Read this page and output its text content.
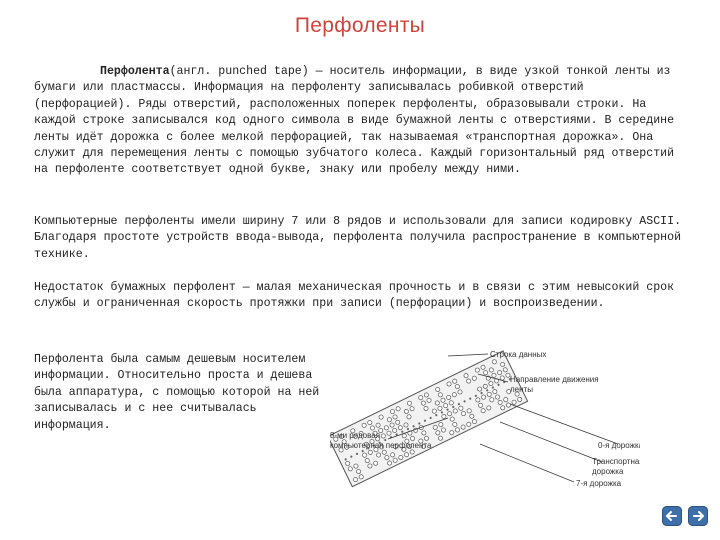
Перфоленты

Перфолента(англ. punched tape) — носитель информации, в виде узкой тонкой ленты из бумаги или пластмассы. Информация на перфоленту записывалась робивкой отверстий (перфорацией). Ряды отверстий, расположенных поперек перфоленты, образовывали строки. На каждой строке записывался код одного символа в виде бумажной ленты с отверстиями. В середине ленты идёт дорожка с более мелкой перфорацией, так называемая «транспортная дорожка». Она служит для перемещения ленты с помощью зубчатого колеса. Каждый горизонтальный ряд отверстий на перфоленте соответствует одной букве, знаку или пробелу между ними.

Компьютерные перфоленты имели ширину 7 или 8 рядов и использовали для записи кодировку ASCII. Благодаря простоте устройств ввода-вывода, перфолента получила распространение в компьютерной технике.

Недостаток бумажных перфолент — малая механическая прочность и в связи с этим невысокий срок службы и ограниченная скорость протяжки при записи (перфорации) и воспроизведении.

Перфолента была самым дешевым носителем информации. Относительно проста и дешева была аппаратура, с помощью которой на ней записывалась и с нее считывалась информация.

Строка данных
Направление движения
ленты
8-ми рядовая
компьютерная перфолента	0-я дорожка
Транспортная
дорожка
7-я дорожка
